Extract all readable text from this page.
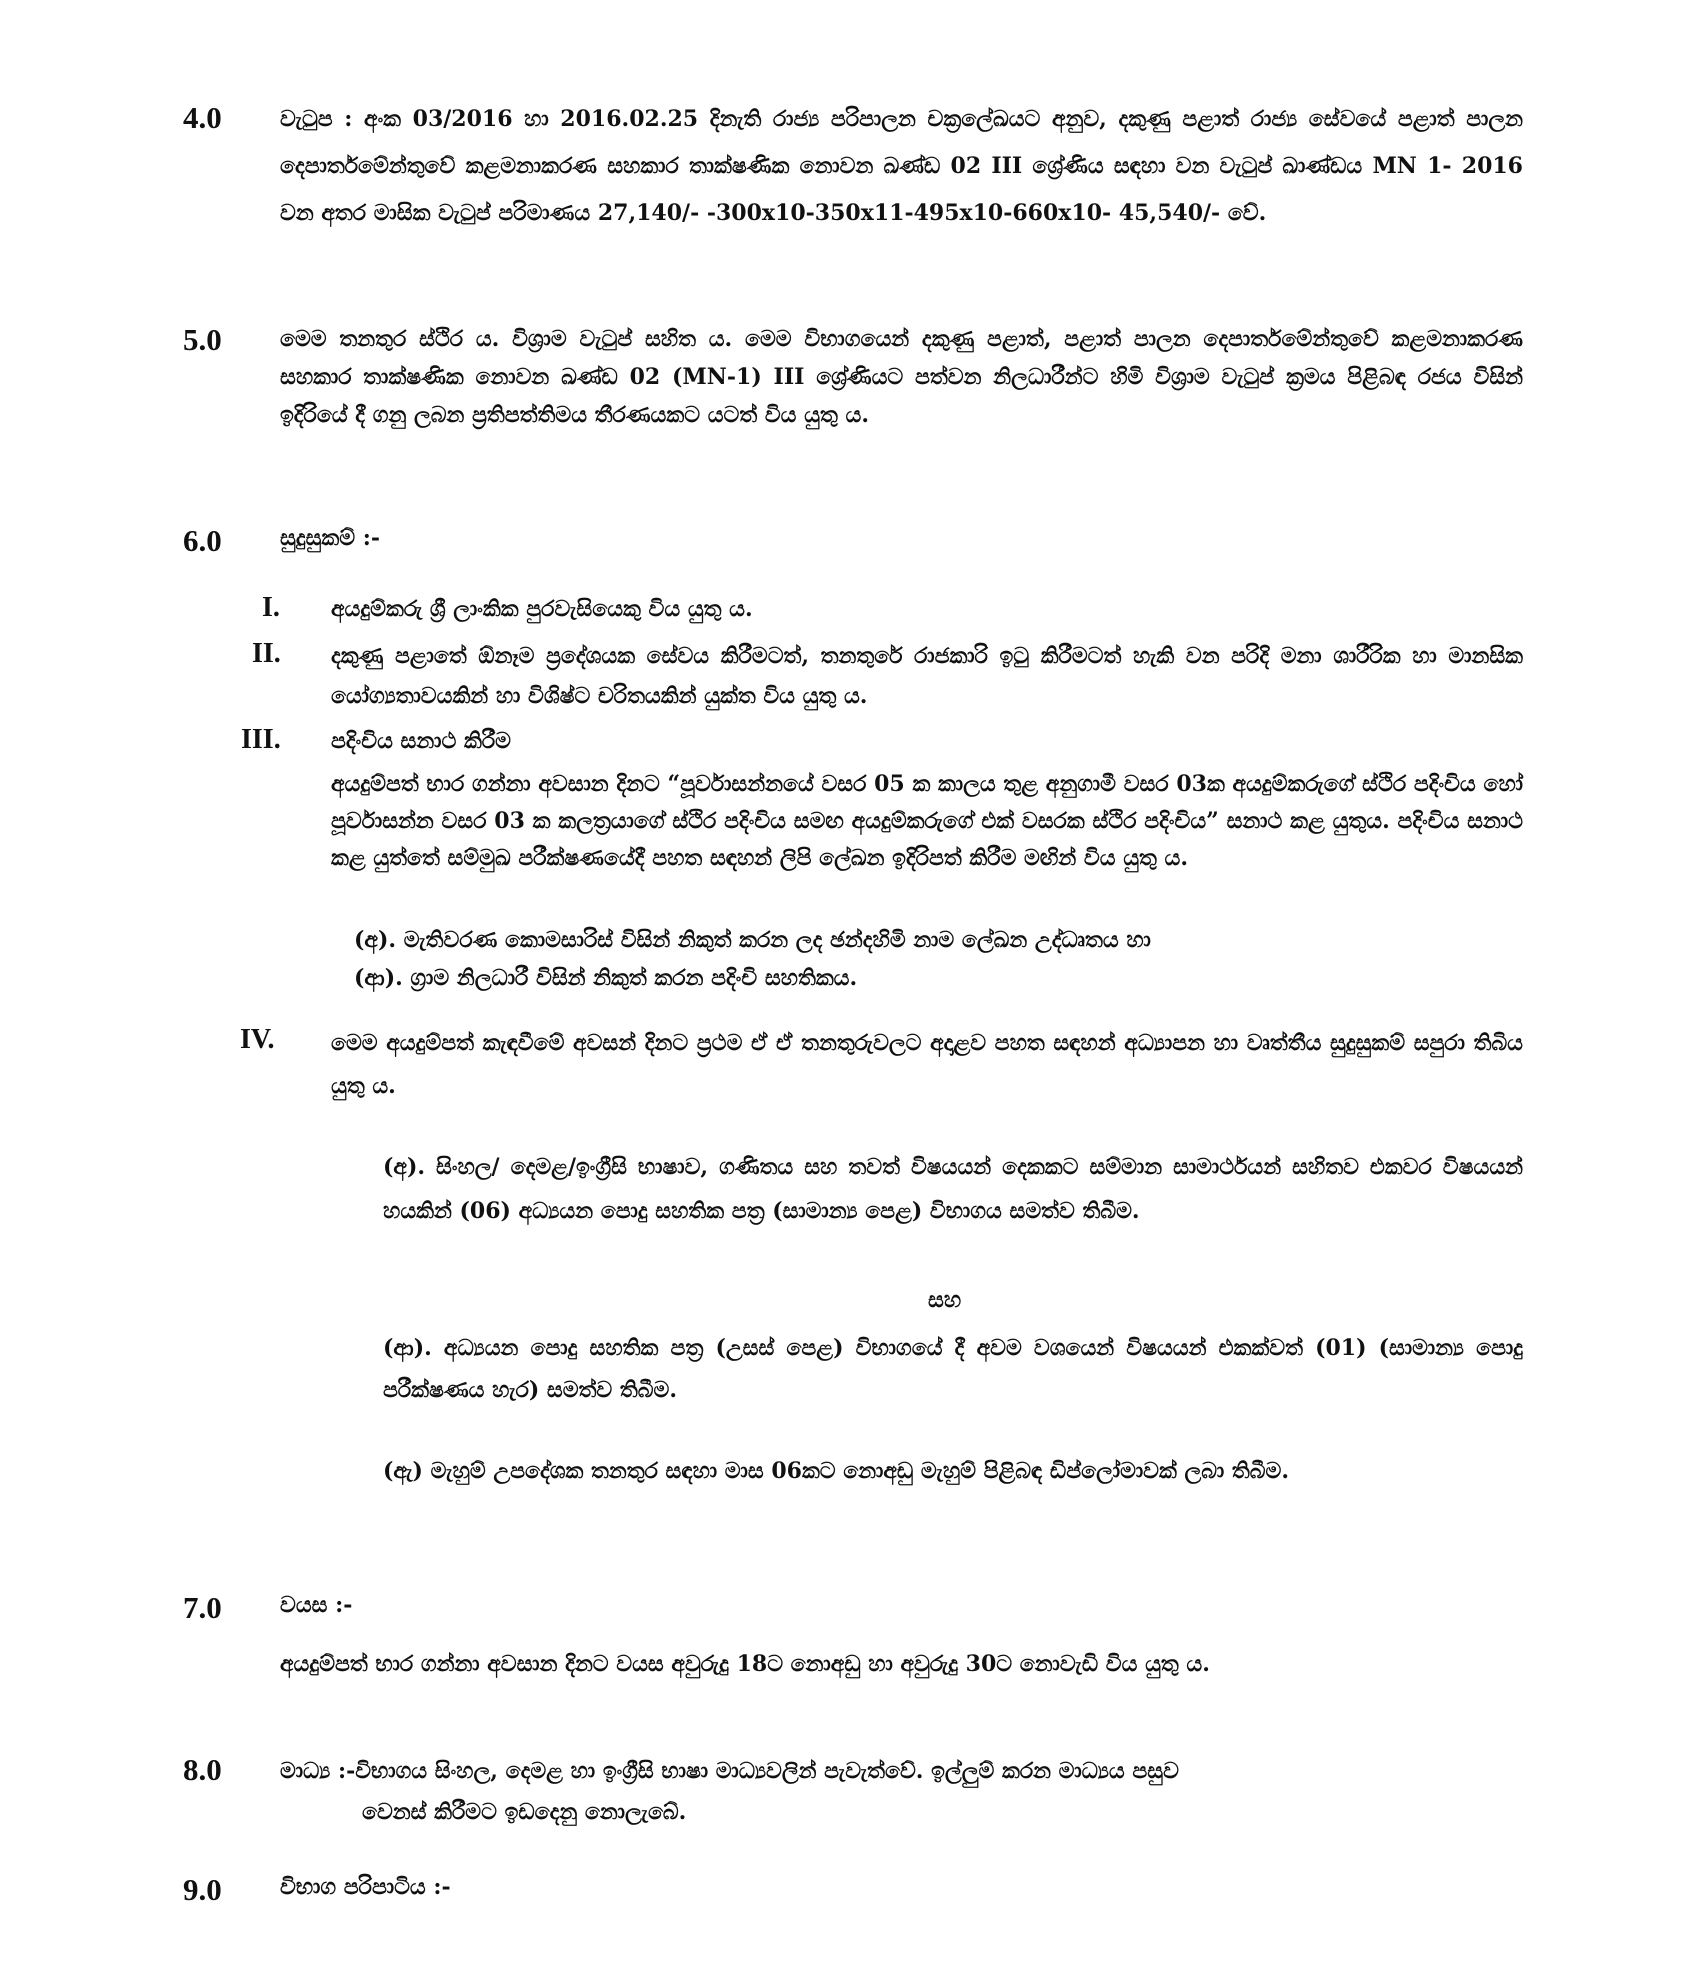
4.0	වැටුප : අංක 03/2016 හා 2016.02.25 දිනැති රාජ්‍ය පරිපාලන චක්‍රලේඛයට අනුව, දකුණු පළාත් රාජ්‍ය සේවයේ පළාත් පාලන දෙපාර්තමේන්තුවේ කළමනාකරණ සහකාර තාක්ෂණික නොවන ඛණ්ඩ 02 III ශ්‍රේණිය සඳහා වන වැටුප් ඛාණ්ඩය MN 1- 2016 වන අතර මාසික වැටුප් පරිමාණය 27,140/- -300x10-350x11-495x10-660x10- 45,540/- වේ.
5.0	මෙම තනතුර ස්ථිර ය. විශ්‍රාම වැටුප් සහිත ය. මෙම විභාගයෙන් දකුණු පළාත්, පළාත් පාලන දෙපාර්තමේන්තුවේ කළමනාකරණ සහකාර තාක්ෂණික නොවන ඛණ්ඩ 02 (MN-1) III ශ්‍රේණියට පත්වන නිලධාරීන්ට හිමි විශ්‍රාම වැටුප් ක්‍රමය පිළිබඳ රජය විසින් ඉදිරියේ දී ගනු ලබන ප්‍රතිපත්තිමය තීරණයකට යටත් විය යුතු ය.
6.0	සුදුසුකම් :-
I. අයදුම්කරු ශ්‍රී ලාංකික පුරවැසියෙකු විය යුතු ය.
II. දකුණු පළාතේ ඕනෑම ප්‍රදේශයක සේවය කිරීමටත්, තනතුරේ රාජකාරි ඉටු කිරීමටත් හැකි වන පරිදි මනා ශාරීරික හා මානසික යෝග්‍යතාවයකින් හා විශිෂ්ට චරිතයකින් යුක්ත විය යුතු ය.
III. පදිංචිය සනාථ කිරීම
අයදුම්පත් භාර ගන්නා අවසාන දිනට “පූර්වාසන්නයේ වසර 05 ක කාලය තුළ අනුගාමී වසර 03ක අයදුම්කරුගේ ස්ථිර පදිංචිය හෝ පූර්වාසන්න වසර 03 ක කලත්‍රයාගේ ස්ථිර පදිංචිය සමඟ අයදුම්කරුගේ එක් වසරක ස්ථිර පදිංචිය” සනාථ කළ යුතුය. පදිංචිය සනාථ කළ යුත්තේ සම්මුඛ පරීක්ෂණයේදී පහත සඳහන් ලිපි ලේඛන ඉදිරිපත් කිරීම මඟින් විය යුතු ය.
(අ). මැතිවරණ කොමසාරිස් විසින් නිකුත් කරන ලද ඡන්දහිමි නාම ලේඛන උද්ධෘතය හා
(ආ). ග්‍රාම නිලධාරී විසින් නිකුත් කරන පදිංචි සහතිකය.
IV.	මෙම අයදුම්පත් කැඳවීමේ අවසන් දිනට ප්‍රථම ඒ ඒ තනතුරුවලට අදාළව පහත සඳහන් අධ්‍යාපන හා වෘත්තීය සුදුසුකම් සපුරා තිබිය යුතු ය.
(අ). සිංහල/ දෙමළ/ඉංග්‍රීසි භාෂාව, ගණිතය සහ තවත් විෂයයන් දෙකකට සම්මාන සාමාර්ථයන් සහිතව එකවර විෂයයන් හයකින් (06) අධ්‍යයන පොදු සහතික පත්‍ර (සාමාන්‍ය පෙළ) විභාගය සමත්ව තිබීම.
සහ
(ආ). අධ්‍යයන පොදු සහතික පත්‍ර (උසස් පෙළ) විභාගයේ දී අවම වශයෙන් විෂයයන් එකක්වත් (01) (සාමාන්‍ය පොදු පරීක්ෂණය හැර) සමත්ව තිබීම.
(ඇ) මැහුම් උපදේශක තනතුර සඳහා මාස 06කට නොඅඩු මැහුම් පිළිබඳ ඩිප්ලෝමාවක් ලබා තිබීම.
7.0	වයස :-
අයදුම්පත් භාර ගන්නා අවසාන දිනට වයස අවුරුදු 18ට නොඅඩු හා අවුරුදු 30ට නොවැඩි විය යුතු ය.
8.0	මාධ්‍ය :-විභාගය සිංහල, දෙමළ හා ඉංග්‍රීසි භාෂා මාධ්‍යවලින් පැවැත්වේ. ඉල්ලුම් කරන මාධ්‍යය පසුව
වෙනස් කිරීමට ඉඩදෙනු නොලැබේ.
9.0	විභාග පරිපාටිය :-
